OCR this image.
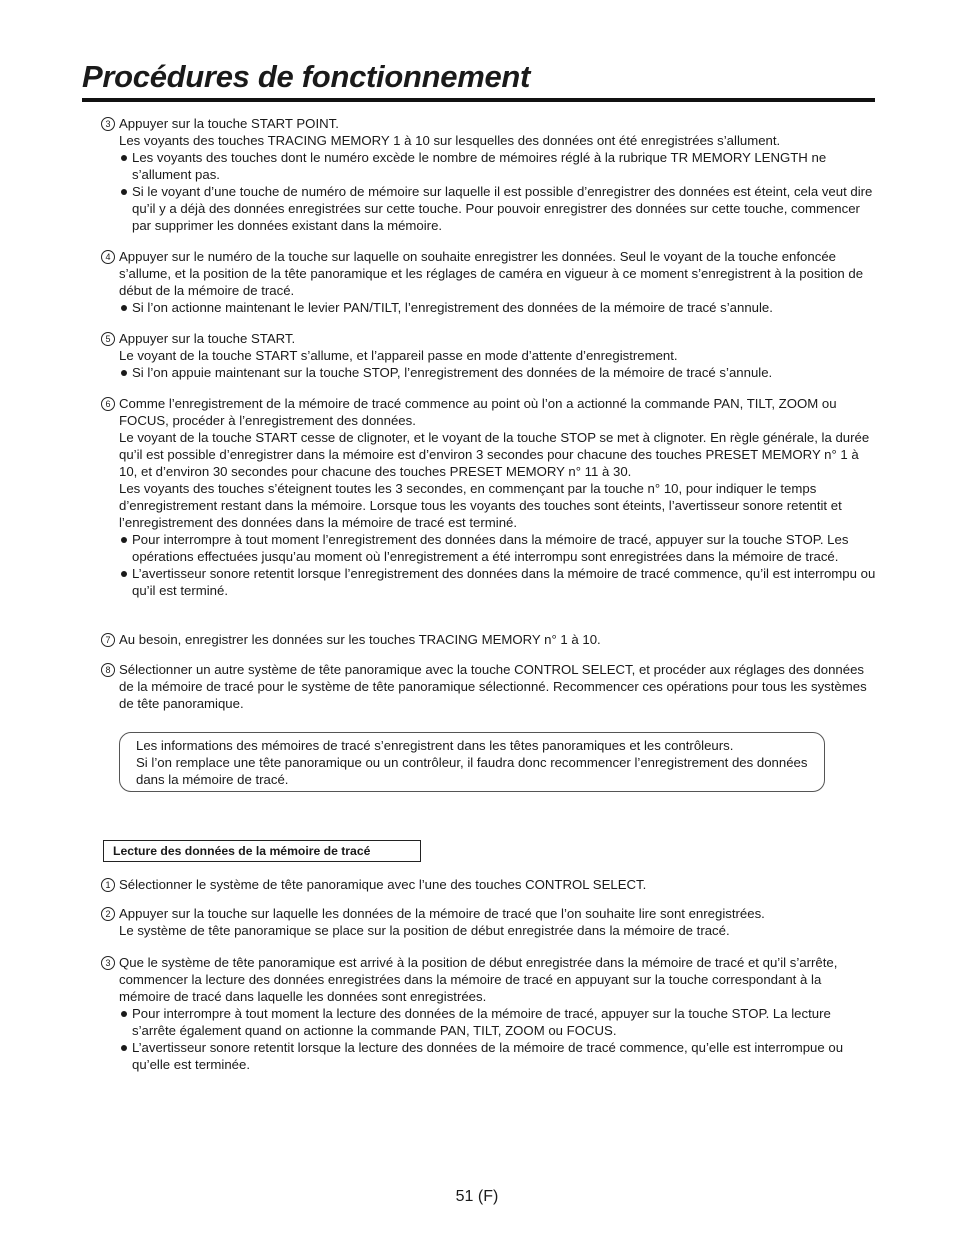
Procédures de fonctionnement
3 Appuyer sur la touche START POINT.
Les voyants des touches TRACING MEMORY 1 à 10 sur lesquelles des données ont été enregistrées s’allument.
Les voyants des touches dont le numéro excède le nombre de mémoires réglé à la rubrique TR MEMORY LENGTH ne s’allument pas.
Si le voyant d’une touche de numéro de mémoire sur laquelle il est possible d’enregistrer des données est éteint, cela veut dire qu’il y a déjà des données enregistrées sur cette touche. Pour pouvoir enregistrer des données sur cette touche, commencer par supprimer les données existant dans la mémoire.
4 Appuyer sur le numéro de la touche sur laquelle on souhaite enregistrer les données. Seul le voyant de la touche enfoncée s’allume, et la position de la tête panoramique et les réglages de caméra en vigueur à ce moment s’enregistrent à la position de début de la mémoire de tracé.
Si l’on actionne maintenant le levier PAN/TILT, l’enregistrement des données de la mémoire de tracé s’annule.
5 Appuyer sur la touche START.
Le voyant de la touche START s’allume, et l’appareil passe en mode d’attente d’enregistrement.
Si l’on appuie maintenant sur la touche STOP, l’enregistrement des données de la mémoire de tracé s’annule.
6 Comme l’enregistrement de la mémoire de tracé commence au point où l’on a actionné la commande PAN, TILT, ZOOM ou FOCUS, procéder à l’enregistrement des données.
Le voyant de la touche START cesse de clignoter, et le voyant de la touche STOP se met à clignoter. En règle générale, la durée qu’il est possible d’enregistrer dans la mémoire est d’environ 3 secondes pour chacune des touches PRESET MEMORY n° 1 à 10, et d’environ 30 secondes pour chacune des touches PRESET MEMORY n° 11 à 30.
Les voyants des touches s’éteignent toutes les 3 secondes, en commençant par la touche n° 10, pour indiquer le temps d’enregistrement restant dans la mémoire. Lorsque tous les voyants des touches sont éteints, l’avertisseur sonore retentit et l’enregistrement des données dans la mémoire de tracé est terminé.
Pour interrompre à tout moment l’enregistrement des données dans la mémoire de tracé, appuyer sur la touche STOP. Les opérations effectuées jusqu’au moment où l’enregistrement a été interrompu sont enregistrées dans la mémoire de tracé.
L’avertisseur sonore retentit lorsque l’enregistrement des données dans la mémoire de tracé commence, qu’il est interrompu ou qu’il est terminé.
7 Au besoin, enregistrer les données sur les touches TRACING MEMORY n° 1 à 10.
8 Sélectionner un autre système de tête panoramique avec la touche CONTROL SELECT, et procéder aux réglages des données de la mémoire de tracé pour le système de tête panoramique sélectionné. Recommencer ces opérations pour tous les systèmes de tête panoramique.
Les informations des mémoires de tracé s’enregistrent dans les têtes panoramiques et les contrôleurs.
Si l’on remplace une tête panoramique ou un contrôleur, il faudra donc recommencer l’enregistrement des données dans la mémoire de tracé.
Lecture des données de la mémoire de tracé
1 Sélectionner le système de tête panoramique avec l’une des touches CONTROL SELECT.
2 Appuyer sur la touche sur laquelle les données de la mémoire de tracé que l’on souhaite lire sont enregistrées.
Le système de tête panoramique se place sur la position de début enregistrée dans la mémoire de tracé.
3 Que le système de tête panoramique est arrivé à la position de début enregistrée dans la mémoire de tracé et qu’il s’arrête, commencer la lecture des données enregistrées dans la mémoire de tracé en appuyant sur la touche correspondant à la mémoire de tracé dans laquelle les données sont enregistrées.
Pour interrompre à tout moment la lecture des données de la mémoire de tracé, appuyer sur la touche STOP. La lecture s’arrête également quand on actionne la commande PAN, TILT, ZOOM ou FOCUS.
L’avertisseur sonore retentit lorsque la lecture des données de la mémoire de tracé commence, qu’elle est interrompue ou qu’elle est terminée.
51 (F)
